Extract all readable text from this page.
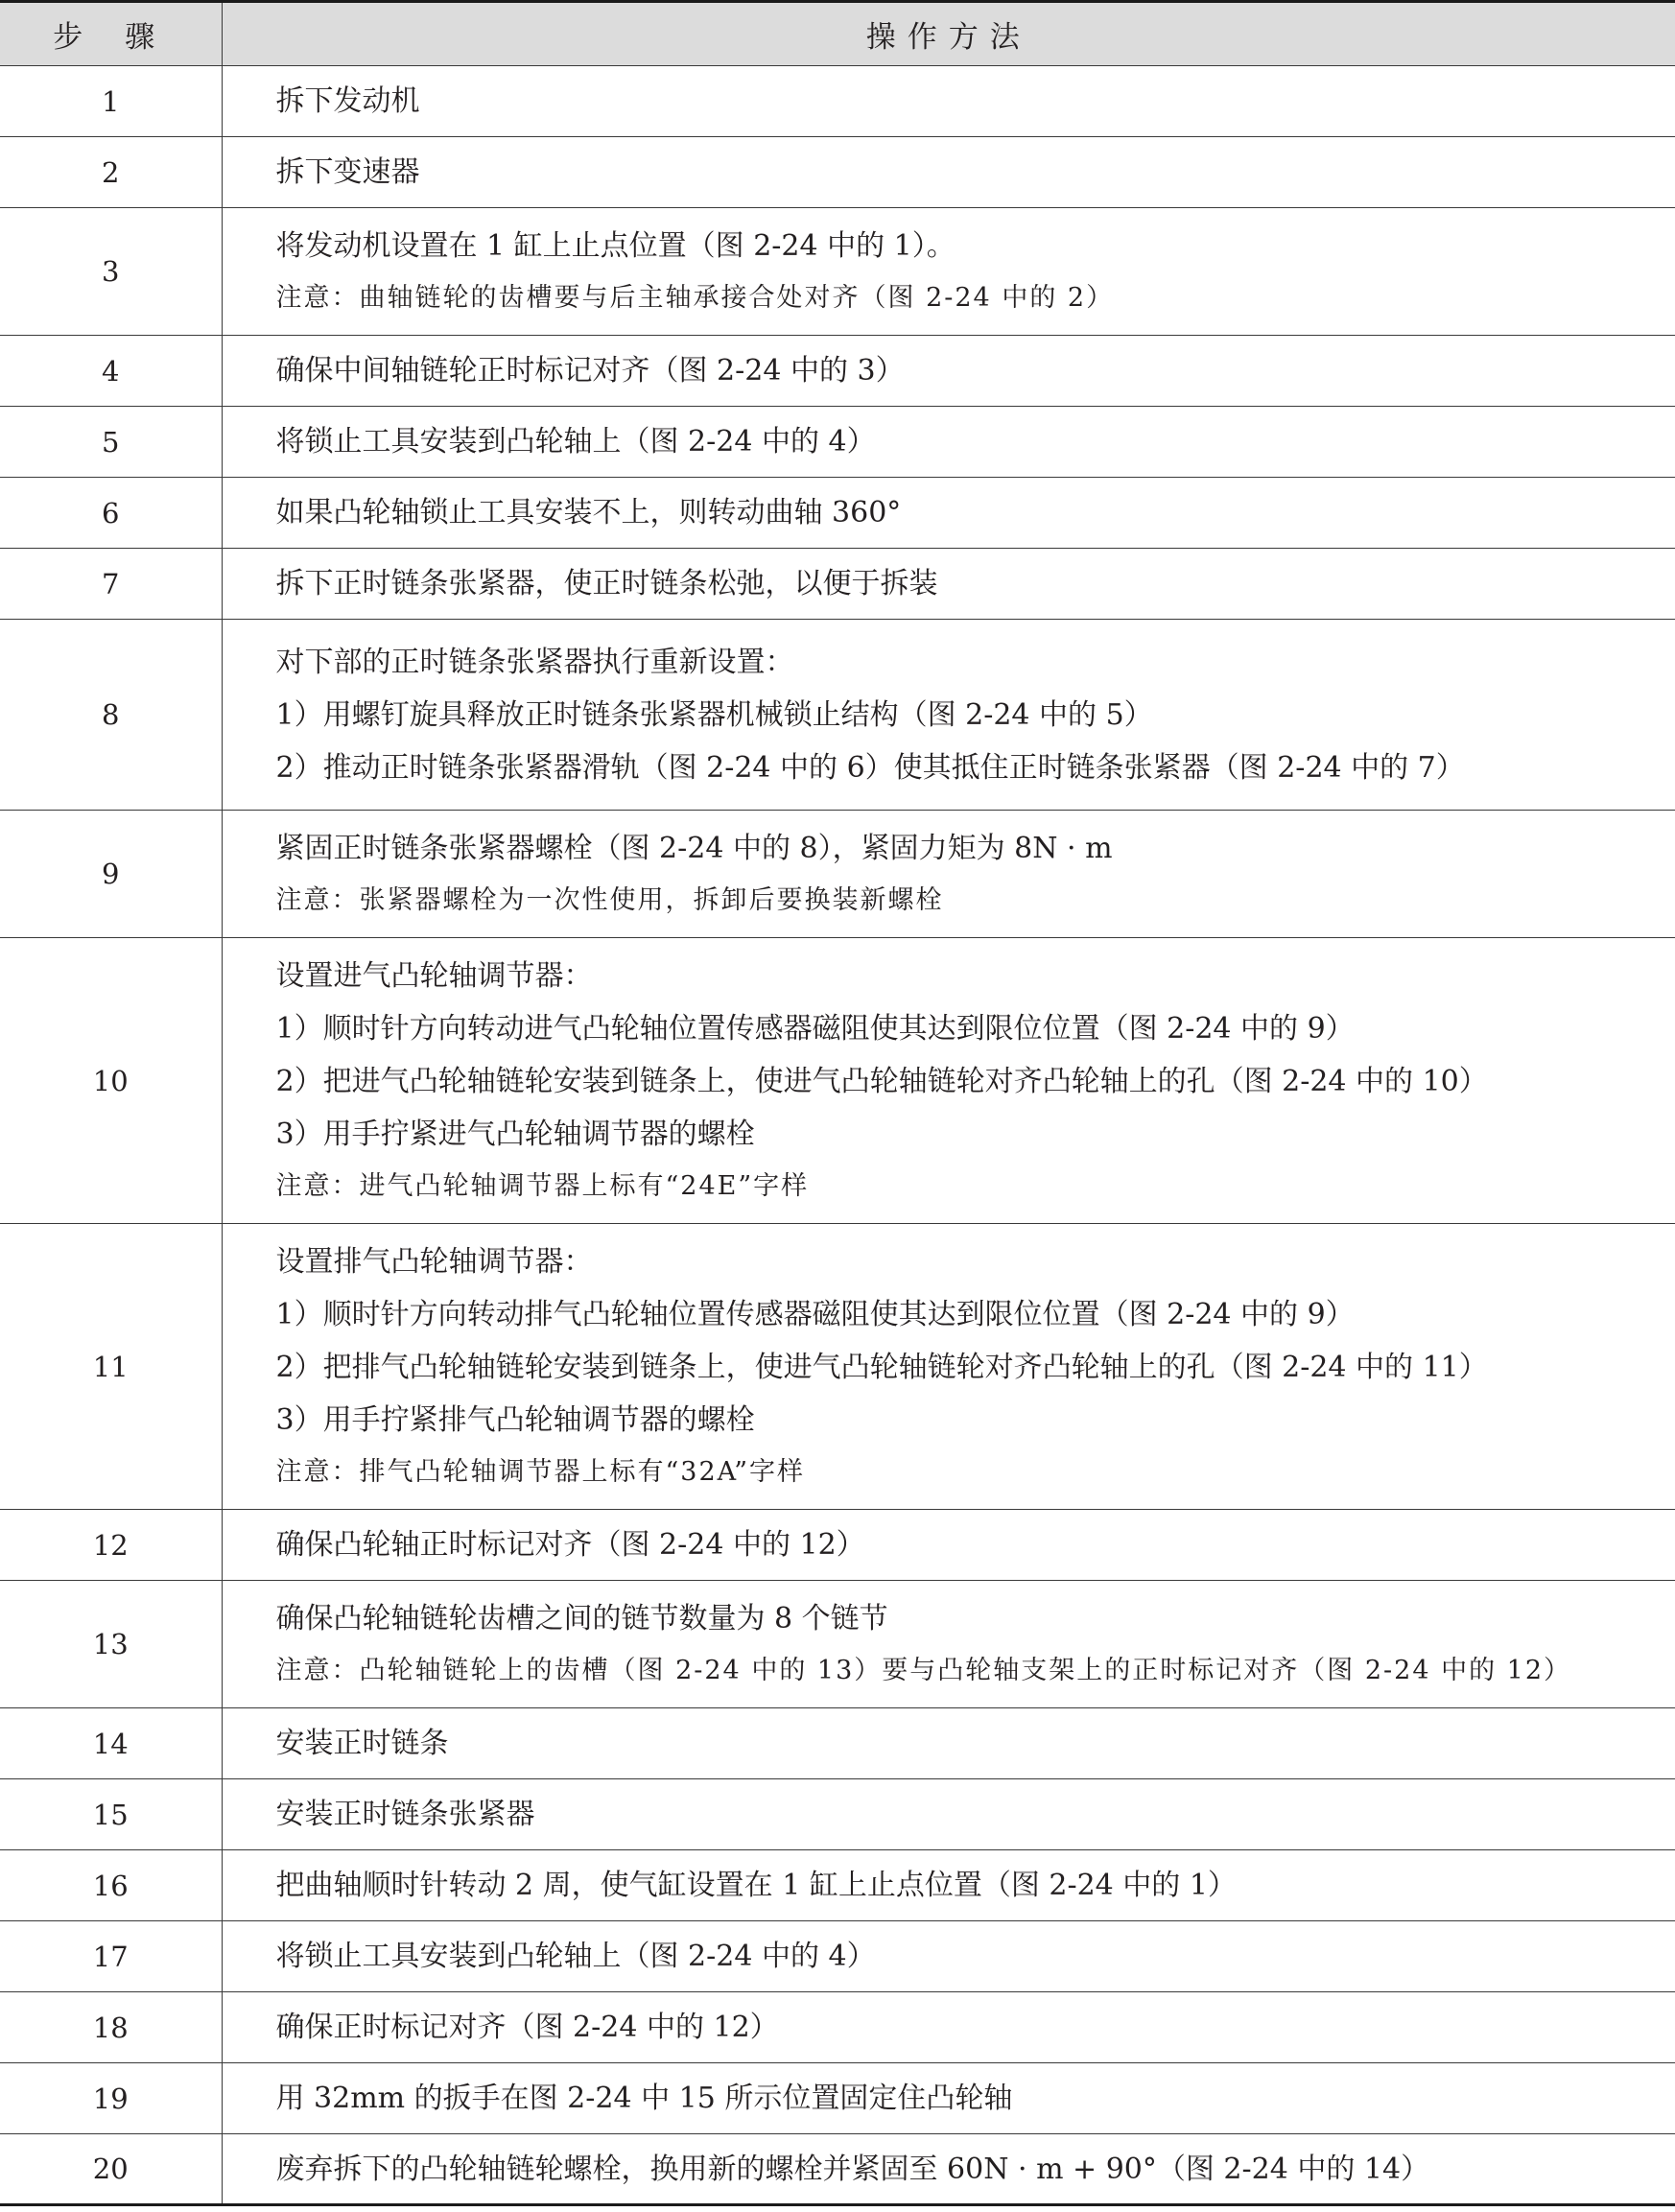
步骤	操作方法
1	拆下发动机

2	拆下变速器

3	将发动机设置在 1 缸上止点位置（图 2-24 中的 1）。
注意：曲轴链轮的齿槽要与后主轴承接合处对齐（图 2-24 中的 2）

4	确保中间轴链轮正时标记对齐（图 2-24 中的 3）

5	将锁止工具安装到凸轮轴上（图 2-24 中的 4）

6	如果凸轮轴锁止工具安装不上，则转动曲轴 360°

7	拆下正时链条张紧器，使正时链条松弛，以便于拆装

8	对下部的正时链条张紧器执行重新设置：
1）用螺钉旋具释放正时链条张紧器机械锁止结构（图 2-24 中的 5）
2）推动正时链条张紧器滑轨（图 2-24 中的 6）使其抵住正时链条张紧器（图 2-24 中的 7）

9	紧固正时链条张紧器螺栓（图 2-24 中的 8），紧固力矩为 8N · m
注意：张紧器螺栓为一次性使用，拆卸后要换装新螺栓

10	设置进气凸轮轴调节器：
1）顺时针方向转动进气凸轮轴位置传感器磁阻使其达到限位位置（图 2-24 中的 9）
2）把进气凸轮轴链轮安装到链条上，使进气凸轮轴链轮对齐凸轮轴上的孔（图 2-24 中的 10）
3）用手拧紧进气凸轮轴调节器的螺栓
注意：进气凸轮轴调节器上标有“24E”字样

11	设置排气凸轮轴调节器：
1）顺时针方向转动排气凸轮轴位置传感器磁阻使其达到限位位置（图 2-24 中的 9）
2）把排气凸轮轴链轮安装到链条上，使进气凸轮轴链轮对齐凸轮轴上的孔（图 2-24 中的 11）
3）用手拧紧排气凸轮轴调节器的螺栓
注意：排气凸轮轴调节器上标有“32A”字样

12	确保凸轮轴正时标记对齐（图 2-24 中的 12）

13	确保凸轮轴链轮齿槽之间的链节数量为 8 个链节
注意：凸轮轴链轮上的齿槽（图 2-24 中的 13）要与凸轮轴支架上的正时标记对齐（图 2-24 中的 12）

14	安装正时链条

15	安装正时链条张紧器

16	把曲轴顺时针转动 2 周，使气缸设置在 1 缸上止点位置（图 2-24 中的 1）

17	将锁止工具安装到凸轮轴上（图 2-24 中的 4）

18	确保正时标记对齐（图 2-24 中的 12）

19	用 32mm 的扳手在图 2-24 中 15 所示位置固定住凸轮轴

20	废弃拆下的凸轮轴链轮螺栓，换用新的螺栓并紧固至 60N · m + 90°（图 2-24 中的 14）
